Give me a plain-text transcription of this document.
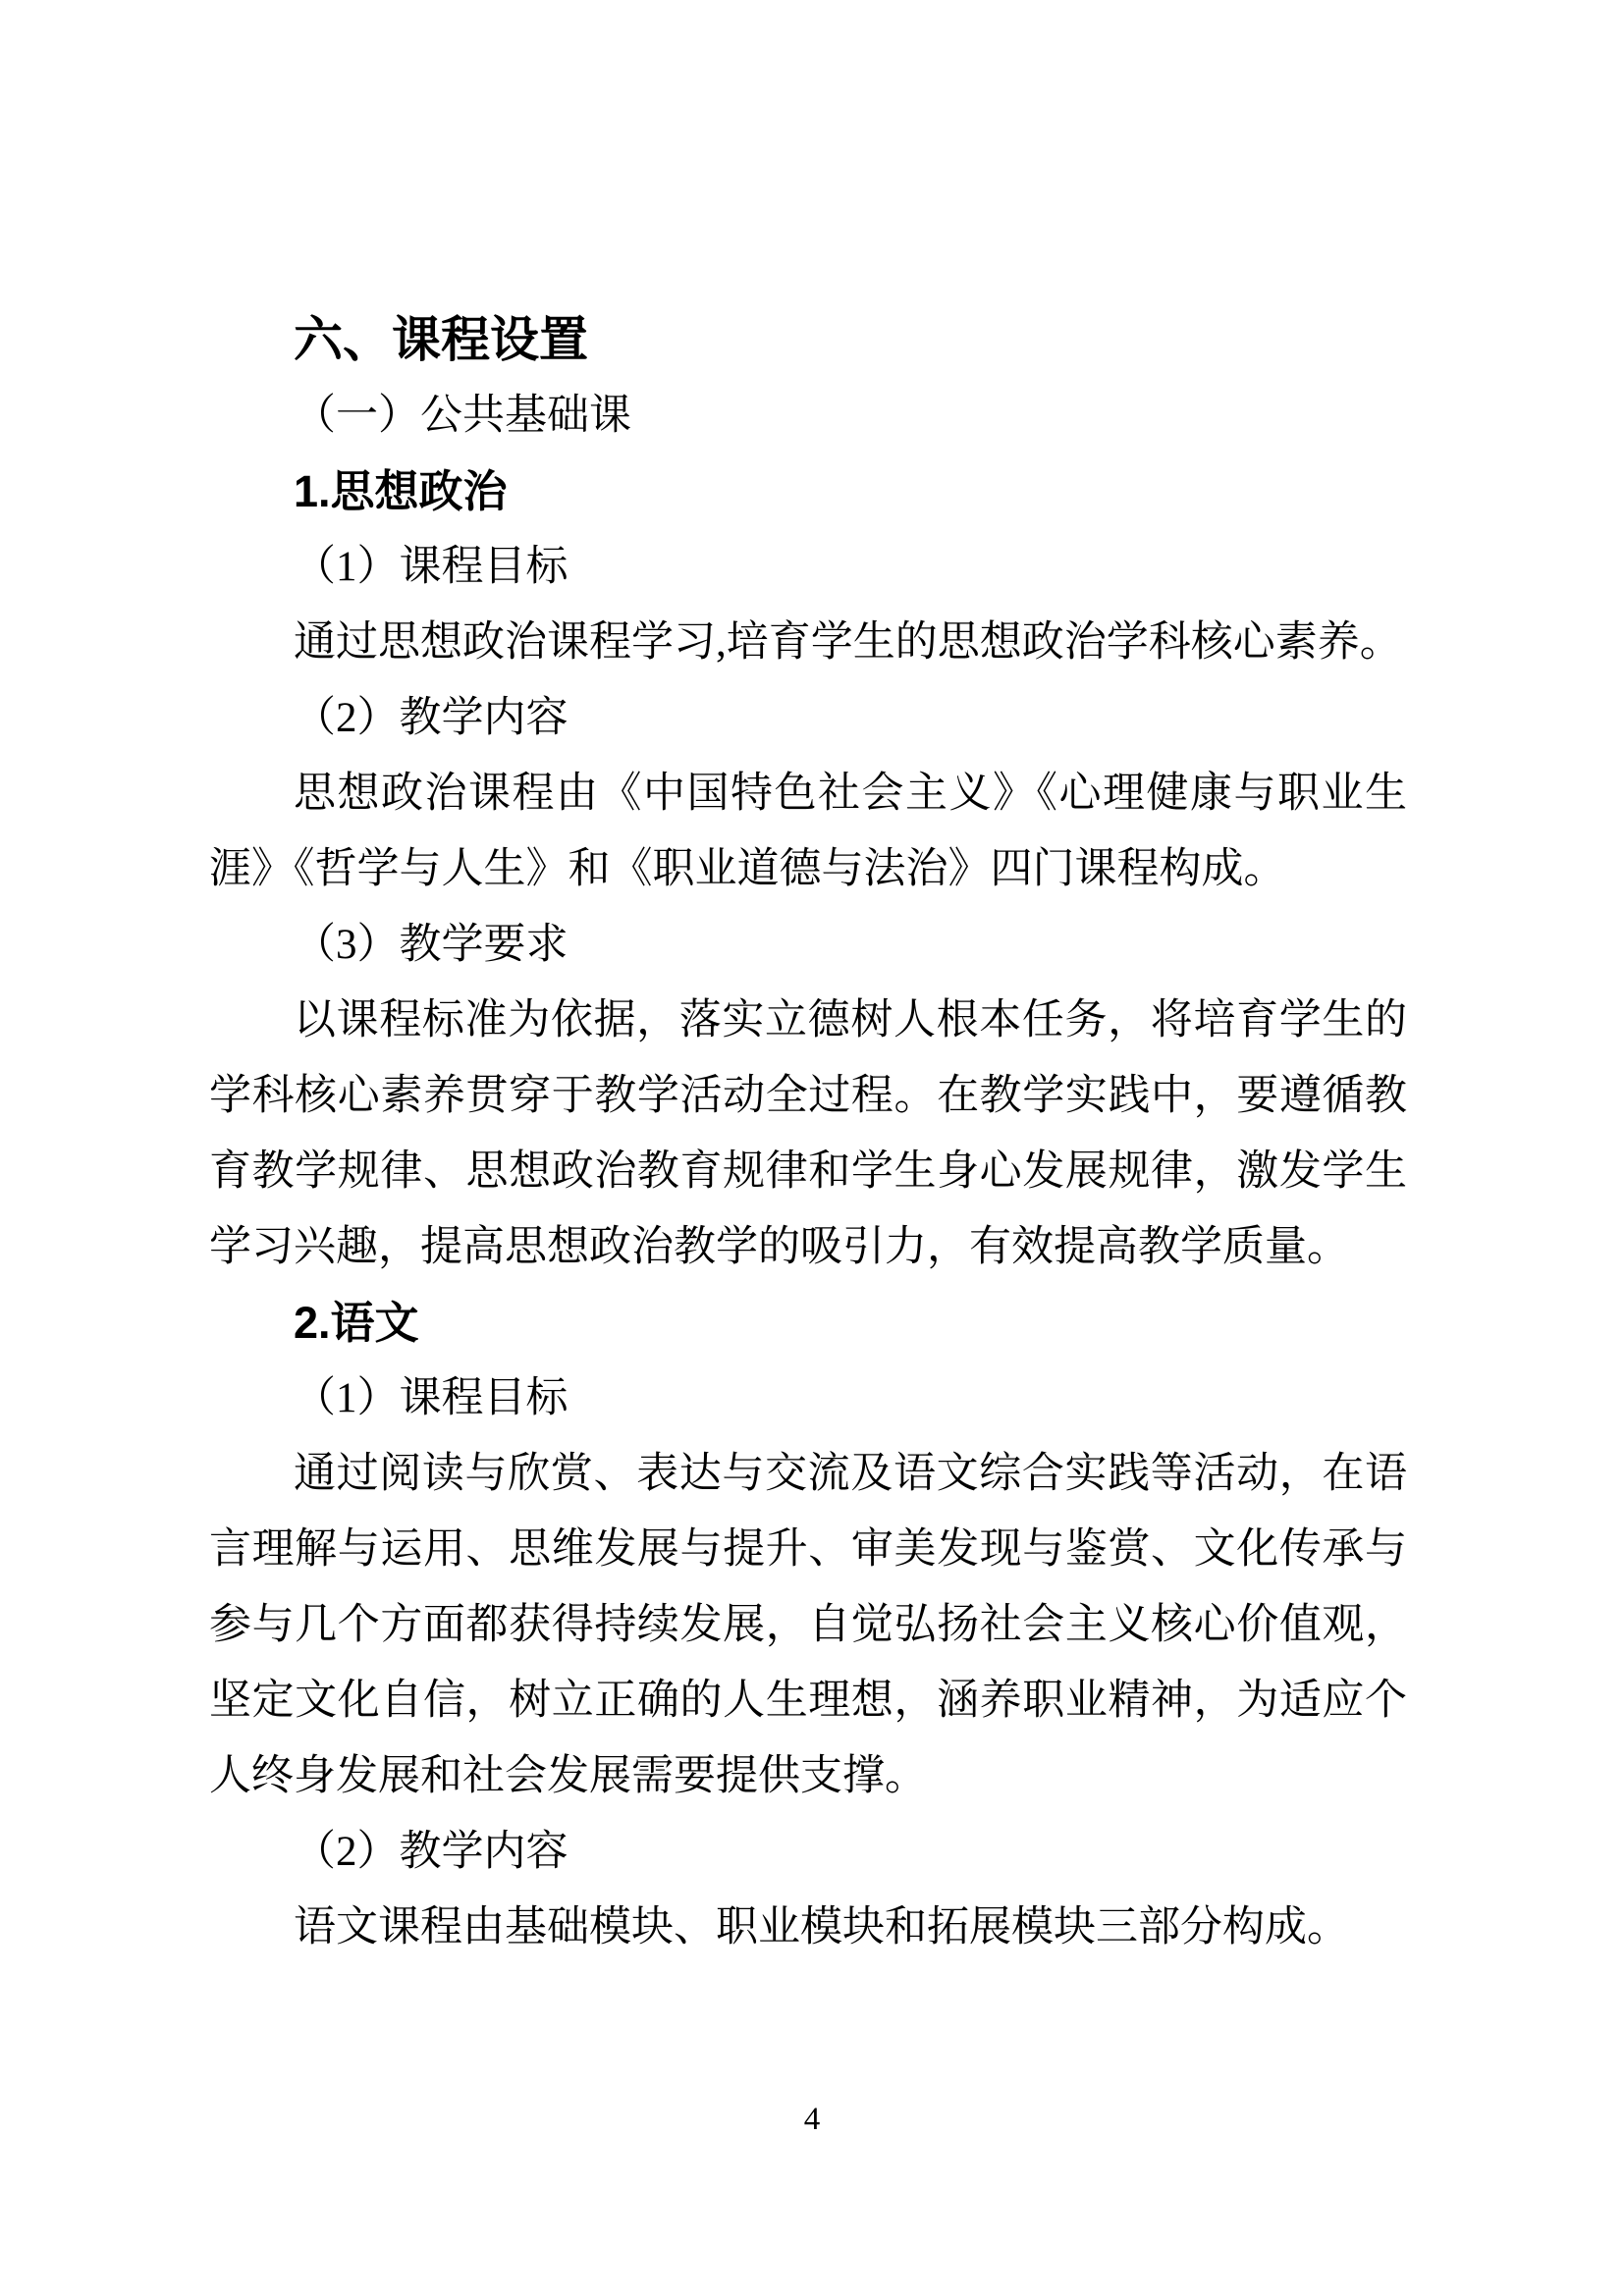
六、课程设置
（一）公共基础课
1.思想政治
（1）课程目标
通过思想政治课程学习,培育学生的思想政治学科核心素养。
（2）教学内容
思想政治课程由《中国特色社会主义》《心理健康与职业生
涯》《哲学与人生》和《职业道德与法治》四门课程构成。
（3）教学要求
以课程标准为依据，落实立德树人根本任务，将培育学生的
学科核心素养贯穿于教学活动全过程。在教学实践中，要遵循教
育教学规律、思想政治教育规律和学生身心发展规律，激发学生
学习兴趣，提高思想政治教学的吸引力，有效提高教学质量。
2.语文
（1）课程目标
通过阅读与欣赏、表达与交流及语文综合实践等活动，在语
言理解与运用、思维发展与提升、审美发现与鉴赏、文化传承与
参与几个方面都获得持续发展，自觉弘扬社会主义核心价值观，
坚定文化自信，树立正确的人生理想，涵养职业精神，为适应个
人终身发展和社会发展需要提供支撑。
（2）教学内容
语文课程由基础模块、职业模块和拓展模块三部分构成。
4
